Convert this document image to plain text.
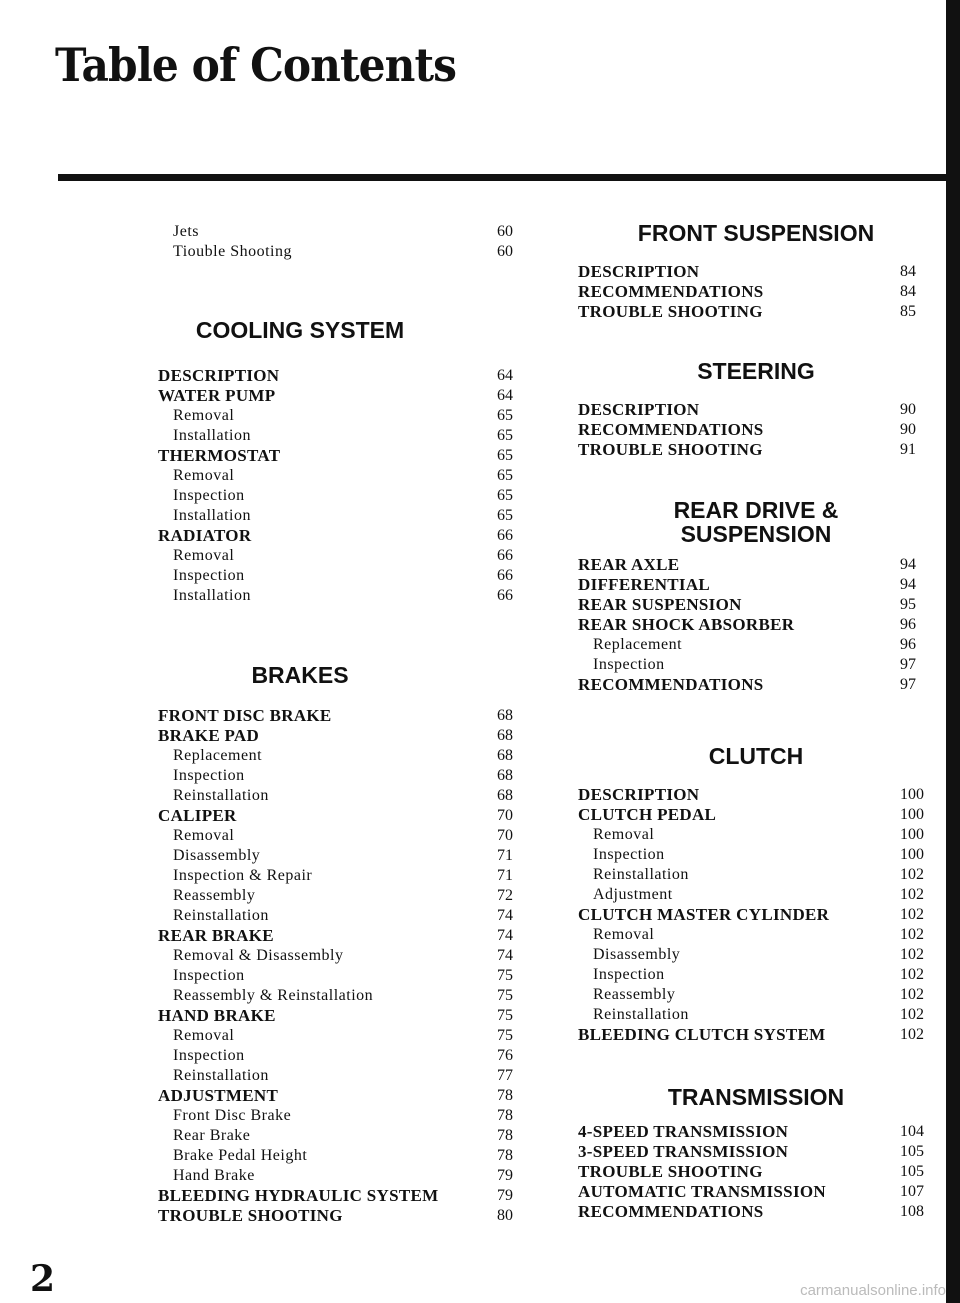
Table of Contents
Jets	60
Tiouble Shooting	60
COOLING SYSTEM
DESCRIPTION	64
WATER PUMP	64
Removal	65
Installation	65
THERMOSTAT	65
Removal	65
Inspection	65
Installation	65
RADIATOR	66
Removal	66
Inspection	66
Installation	66
BRAKES
FRONT DISC BRAKE	68
BRAKE PAD	68
Replacement	68
Inspection	68
Reinstallation	68
CALIPER	70
Removal	70
Disassembly	71
Inspection & Repair	71
Reassembly	72
Reinstallation	74
REAR BRAKE	74
Removal & Disassembly	74
Inspection	75
Reassembly & Reinstallation	75
HAND BRAKE	75
Removal	75
Inspection	76
Reinstallation	77
ADJUSTMENT	78
Front Disc Brake	78
Rear Brake	78
Brake Pedal Height	78
Hand Brake	79
BLEEDING HYDRAULIC SYSTEM	79
TROUBLE SHOOTING	80
FRONT SUSPENSION
DESCRIPTION	84
RECOMMENDATIONS	84
TROUBLE SHOOTING	85
STEERING
DESCRIPTION	90
RECOMMENDATIONS	90
TROUBLE SHOOTING	91
REAR DRIVE &
SUSPENSION
REAR AXLE	94
DIFFERENTIAL	94
REAR SUSPENSION	95
REAR SHOCK ABSORBER	96
Replacement	96
Inspection	97
RECOMMENDATIONS	97
CLUTCH
DESCRIPTION	100
CLUTCH PEDAL	100
Removal	100
Inspection	100
Reinstallation	102
Adjustment	102
CLUTCH MASTER CYLINDER	102
Removal	102
Disassembly	102
Inspection	102
Reassembly	102
Reinstallation	102
BLEEDING CLUTCH SYSTEM	102
TRANSMISSION
4-SPEED TRANSMISSION	104
3-SPEED TRANSMISSION	105
TROUBLE SHOOTING	105
AUTOMATIC TRANSMISSION	107
RECOMMENDATIONS	108
2	carmanualsonline.info
